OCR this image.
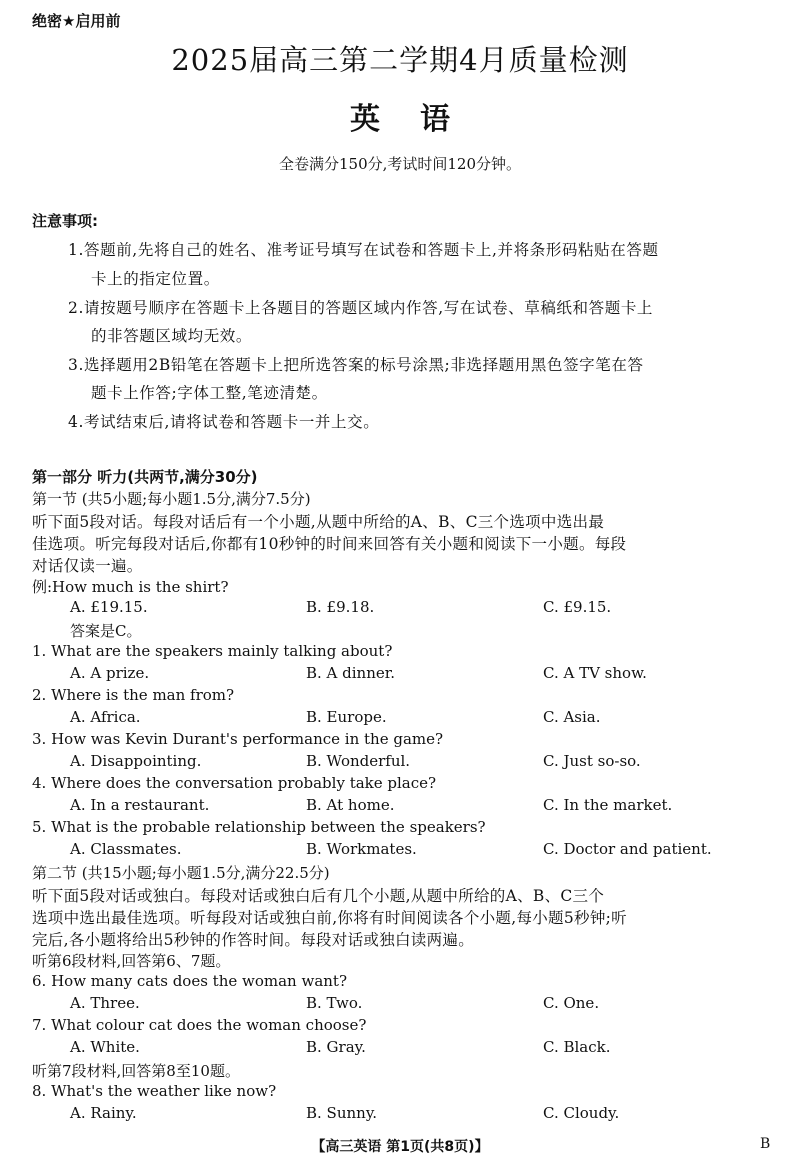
绝密★启用前
2025届高三第二学期4月质量检测
英语
全卷满分150分,考试时间120分钟。
注意事项:
1.答题前,先将自己的姓名、准考证号填写在试卷和答题卡上,并将条形码粘贴在答题
卡上的指定位置。
2.请按题号顺序在答题卡上各题目的答题区域内作答,写在试卷、草稿纸和答题卡上
的非答题区域均无效。
3.选择题用2B铅笔在答题卡上把所选答案的标号涂黑;非选择题用黑色签字笔在答
题卡上作答;字体工整,笔迹清楚。
4.考试结束后,请将试卷和答题卡一并上交。
第一部分 听力(共两节,满分30分)
第一节 (共5小题;每小题1.5分,满分7.5分)
听下面5段对话。每段对话后有一个小题,从题中所给的A、B、C三个选项中选出最
佳选项。听完每段对话后,你都有10秒钟的时间来回答有关小题和阅读下一小题。每段
对话仅读一遍。
例:How much is the shirt?
A. £19.15.	B. £9.18.	C. £9.15.
答案是C。
1. What are the speakers mainly talking about?
A. A prize.	B. A dinner.	C. A TV show.
2. Where is the man from?
A. Africa.	B. Europe.	C. Asia.
3. How was Kevin Durant's performance in the game?
A. Disappointing.	B. Wonderful.	C. Just so-so.
4. Where does the conversation probably take place?
A. In a restaurant.	B. At home.	C. In the market.
5. What is the probable relationship between the speakers?
A. Classmates.	B. Workmates.	C. Doctor and patient.
第二节 (共15小题;每小题1.5分,满分22.5分)
听下面5段对话或独白。每段对话或独白后有几个小题,从题中所给的A、B、C三个
选项中选出最佳选项。听每段对话或独白前,你将有时间阅读各个小题,每小题5秒钟;听
完后,各小题将给出5秒钟的作答时间。每段对话或独白读两遍。
听第6段材料,回答第6、7题。
6. How many cats does the woman want?
A. Three.	B. Two.	C. One.
7. What colour cat does the woman choose?
A. White.	B. Gray.	C. Black.
听第7段材料,回答第8至10题。
8. What's the weather like now?
A. Rainy.	B. Sunny.	C. Cloudy.
【高三英语 第1页(共8页)】	B
